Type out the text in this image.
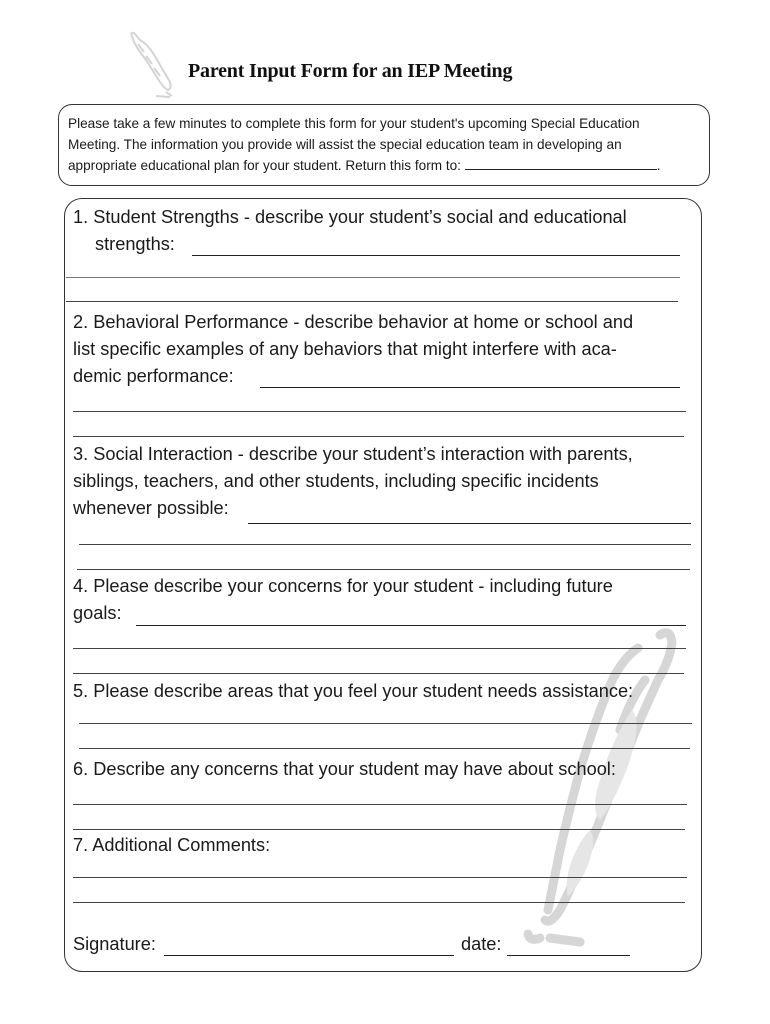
Parent Input Form for an IEP Meeting
Please take a few minutes to complete this form for your student's upcoming Special Education
Meeting. The information you provide will assist the special education team in developing an
appropriate educational plan for your student. Return this form to:	.
1. Student Strengths - describe your student’s social and educational
strengths:
2. Behavioral Performance - describe behavior at home or school and
list specific examples of any behaviors that might interfere with aca-
demic performance:
3. Social Interaction - describe your student’s interaction with parents,
siblings, teachers, and other students, including specific incidents
whenever possible:
4. Please describe your concerns for your student - including future
goals:
5. Please describe areas that you feel your student needs assistance:
6. Describe any concerns that your student may have about school:
7. Additional Comments:
Signature:	date:
